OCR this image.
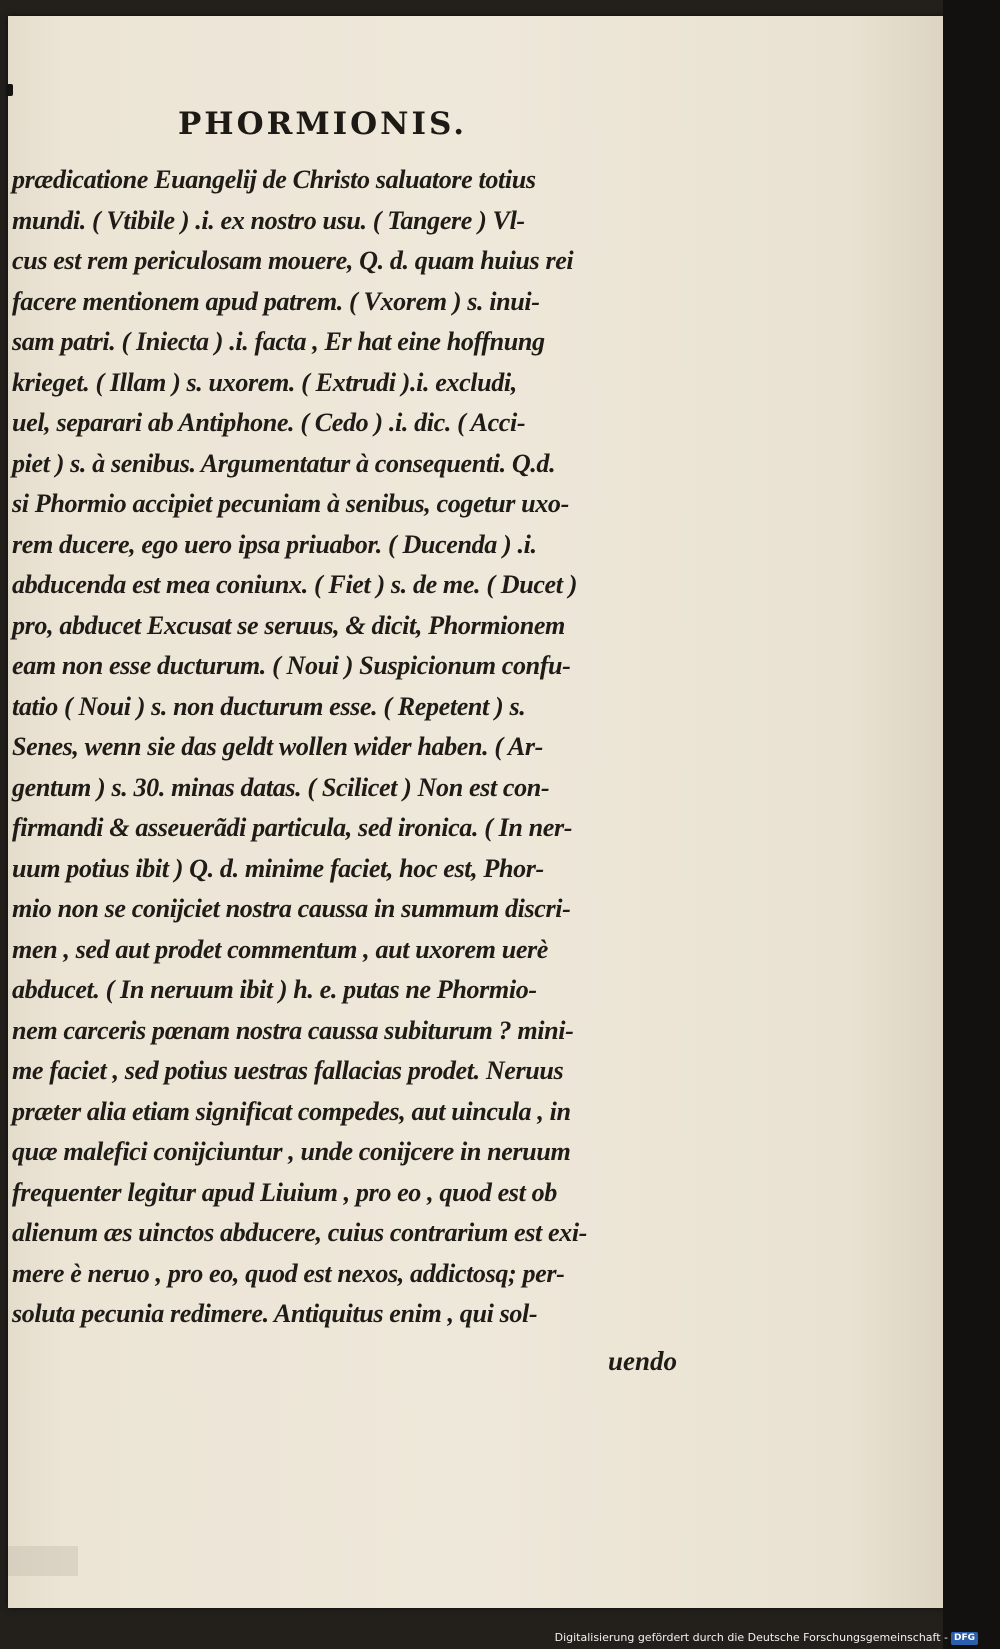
PHORMIONIS.
prædicatione Euangelij de Christo saluatore totius
mundi. ( Vtibile ) .i. ex nostro usu. ( Tangere ) Vl-
cus est rem periculosam mouere, Q. d. quam huius rei
facere mentionem apud patrem. ( Vxorem ) s. inui-
sam patri. ( Iniecta ) .i. facta , Er hat eine hoffnung
krieget. ( Illam ) s. uxorem. ( Extrudi ).i. excludi,
uel, separari ab Antiphone. ( Cedo ) .i. dic. ( Acci-
piet ) s. à senibus. Argumentatur à consequenti. Q.d.
si Phormio accipiet pecuniam à senibus, cogetur uxo-
rem ducere, ego uero ipsa priuabor. ( Ducenda ) .i.
abducenda est mea coniunx. ( Fiet ) s. de me. ( Ducet )
pro, abducet Excusat se seruus, & dicit, Phormionem
eam non esse ducturum. ( Noui ) Suspicionum confu-
tatio ( Noui ) s. non ducturum esse. ( Repetent ) s.
Senes, wenn sie das geldt wollen wider haben. ( Ar-
gentum ) s. 30. minas datas. ( Scilicet ) Non est con-
firmandi & asseuerãdi particula, sed ironica. ( In ner-
uum potius ibit ) Q. d. minime faciet, hoc est, Phor-
mio non se conijciet nostra caussa in summum discri-
men , sed aut prodet commentum , aut uxorem uerè
abducet. ( In neruum ibit ) h. e. putas ne Phormio-
nem carceris pœnam nostra caussa subiturum ? mini-
me faciet , sed potius uestras fallacias prodet. Neruus
præter alia etiam significat compedes, aut uincula , in
quæ malefici conijciuntur , unde conijcere in neruum
frequenter legitur apud Liuium , pro eo , quod est ob
alienum æs uinctos abducere, cuius contrarium est exi-
mere è neruo , pro eo, quod est nexos, addictosq; per-
soluta pecunia redimere. Antiquitus enim , qui sol-

uendo

Digitalisierung gefördert durch die Deutsche Forschungsgemeinschaft - DFG
